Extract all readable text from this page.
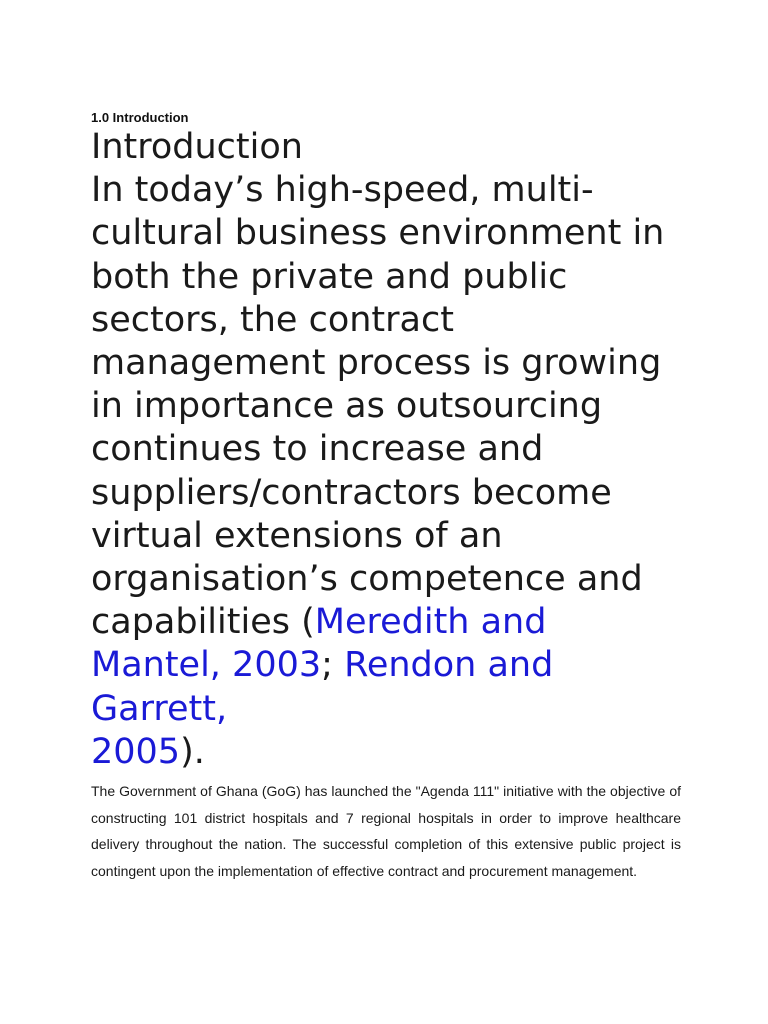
1.0 Introduction

Introduction
In today’s high-speed, multi-cultural business environment in both the private and public sectors, the contract management process is growing in importance as outsourcing continues to increase and suppliers/contractors become virtual extensions of an organisation’s competence and capabilities (Meredith and Mantel, 2003; Rendon and Garrett,
2005).

The Government of Ghana (GoG) has launched the "Agenda 111" initiative with the objective of constructing 101 district hospitals and 7 regional hospitals in order to improve healthcare delivery throughout the nation. The successful completion of this extensive public project is contingent upon the implementation of effective contract and procurement management.
